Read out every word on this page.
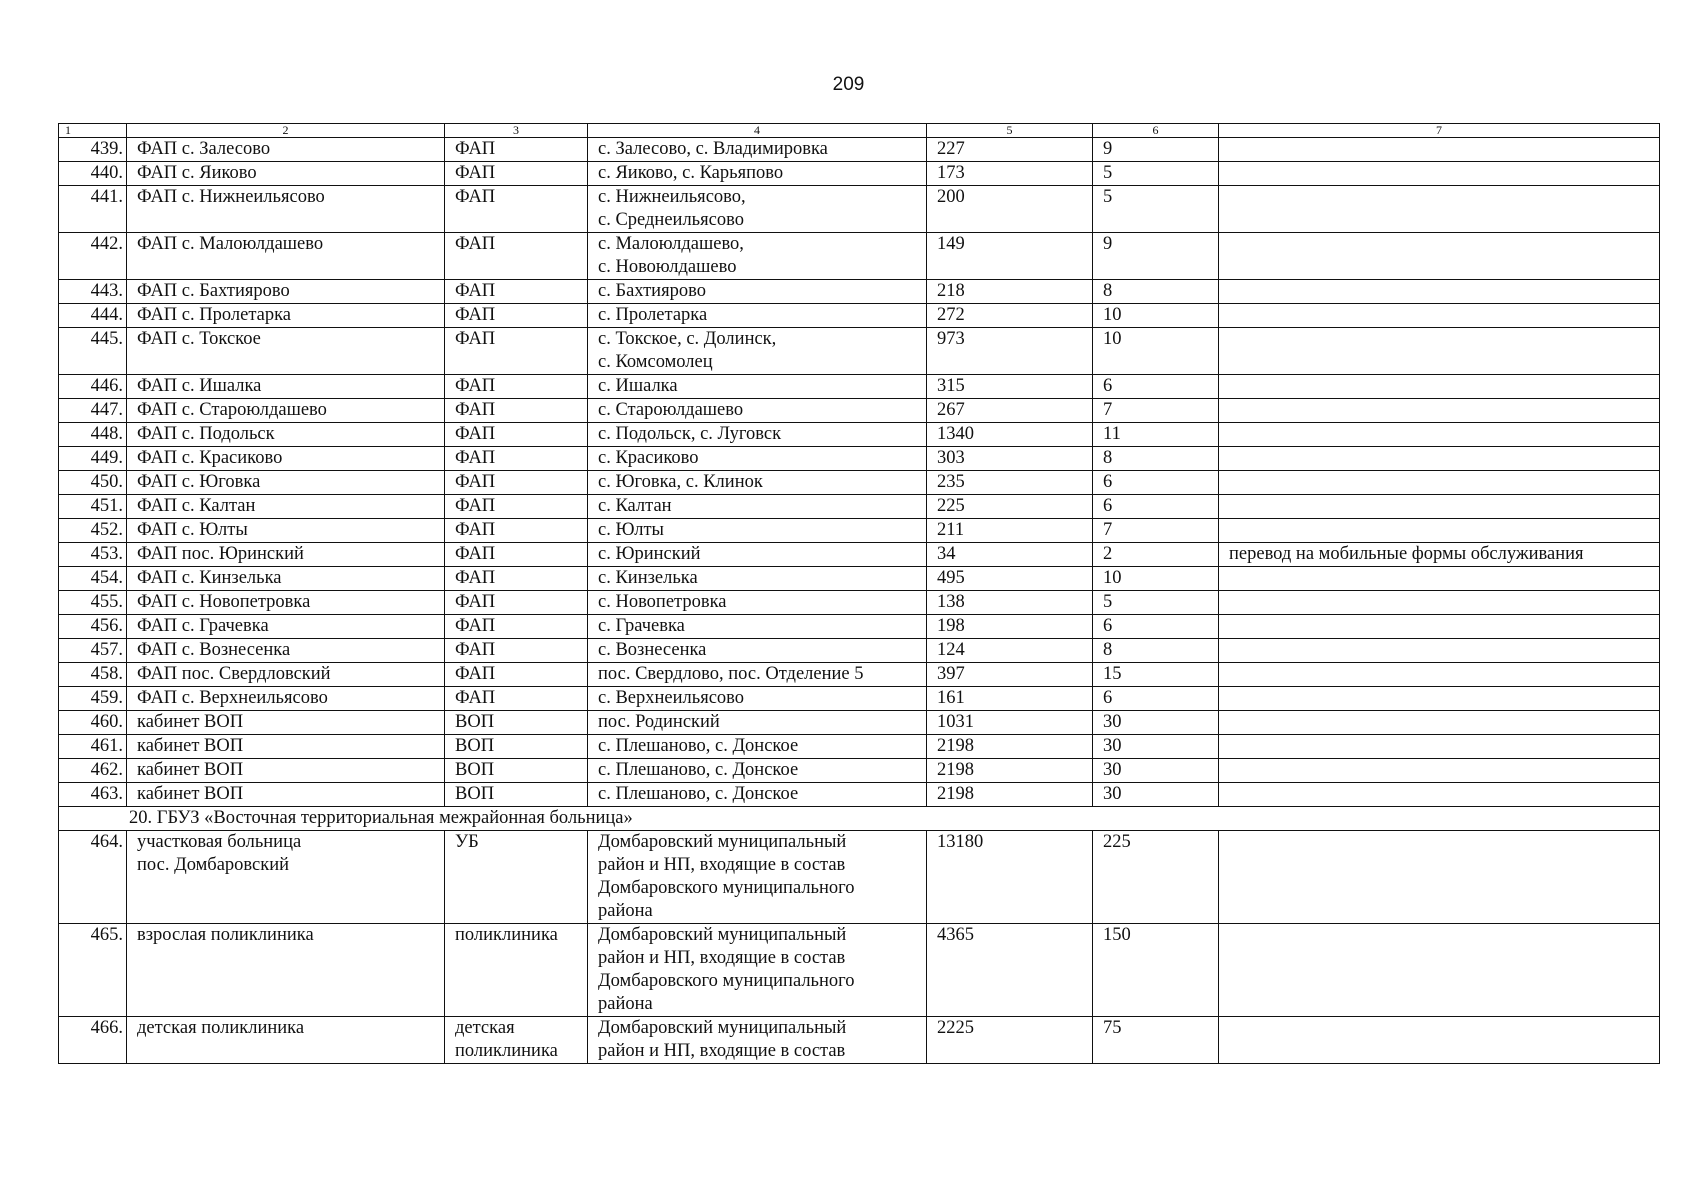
209
1	2	3	4	5	6	7
439.	ФАП с. Залесово	ФАП	с. Залесово, с. Владимировка	227	9	
440.	ФАП с. Яиково	ФАП	с. Яиково, с. Карьяпово	173	5	
441.	ФАП с. Нижнеильясово	ФАП	с. Нижнеильясово,
с. Среднеильясово	200	5	
442.	ФАП с. Малоюлдашево	ФАП	с. Малоюлдашево,
с. Новоюлдашево	149	9	
443.	ФАП с. Бахтиярово	ФАП	с. Бахтиярово	218	8	
444.	ФАП с. Пролетарка	ФАП	с. Пролетарка	272	10	
445.	ФАП с. Токское	ФАП	с. Токское, с. Долинск,
с. Комсомолец	973	10	
446.	ФАП с. Ишалка	ФАП	с. Ишалка	315	6	
447.	ФАП с. Староюлдашево	ФАП	с. Староюлдашево	267	7	
448.	ФАП с. Подольск	ФАП	с. Подольск, с. Луговск	1340	11	
449.	ФАП с. Красиково	ФАП	с. Красиково	303	8	
450.	ФАП с. Юговка	ФАП	с. Юговка, с. Клинок	235	6	
451.	ФАП с. Калтан	ФАП	с. Калтан	225	6	
452.	ФАП с. Юлты	ФАП	с. Юлты	211	7	
453.	ФАП пос. Юринский	ФАП	с. Юринский	34	2	перевод на мобильные формы обслуживания
454.	ФАП с. Кинзелька	ФАП	с. Кинзелька	495	10	
455.	ФАП с. Новопетровка	ФАП	с. Новопетровка	138	5	
456.	ФАП с. Грачевка	ФАП	с. Грачевка	198	6	
457.	ФАП с. Вознесенка	ФАП	с. Вознесенка	124	8	
458.	ФАП пос. Свердловский	ФАП	пос. Свердлово, пос. Отделение 5	397	15	
459.	ФАП с. Верхнеильясово	ФАП	с. Верхнеильясово	161	6	
460.	кабинет ВОП	ВОП	пос. Родинский	1031	30	
461.	кабинет ВОП	ВОП	с. Плешаново, с. Донское	2198	30	
462.	кабинет ВОП	ВОП	с. Плешаново, с. Донское	2198	30	
463.	кабинет ВОП	ВОП	с. Плешаново, с. Донское	2198	30	
20. ГБУЗ «Восточная территориальная межрайонная больница»						
464.	участковая больница
пос. Домбаровский	УБ	Домбаровский муниципальный
район и НП, входящие в состав
Домбаровского муниципального
района	13180	225	
465.	взрослая поликлиника	поликлиника	Домбаровский муниципальный
район и НП, входящие в состав
Домбаровского муниципального
района	4365	150	
466.	детская поликлиника	детская
поликлиника	Домбаровский муниципальный
район и НП, входящие в состав	2225	75	
